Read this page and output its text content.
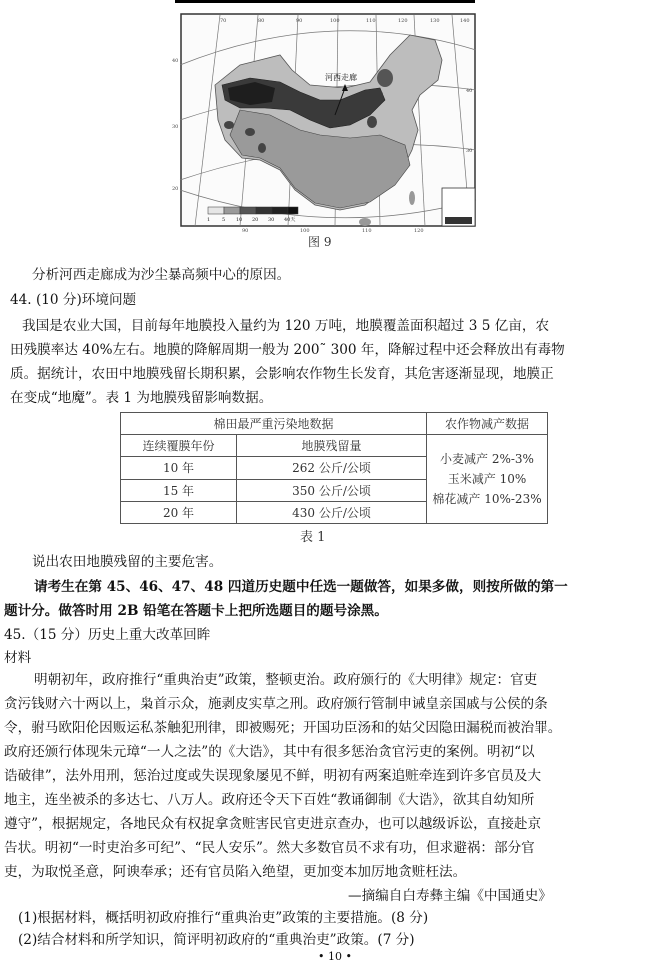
河西走廊
1 5 10 20 30 40天
70	80	90	100	110	120	130	140
40
30
20
40
30
90	100	110	120
图 9
分析河西走廊成为沙尘暴高频中心的原因。
44. (10 分)环境问题
我国是农业大国，目前每年地膜投入量约为 120 万吨，地膜覆盖面积超过 3 5 亿亩，农
田残膜率达 40%左右。地膜的降解周期一般为 200˜ 300 年，降解过程中还会释放出有毒物
质。据统计，农田中地膜残留长期积累，会影响农作物生长发育，其危害逐渐显现，地膜正
在变成“地魔”。表 1 为地膜残留影响数据。
棉田最严重污染地数据		农作物减产数据
连续覆膜年份	地膜残留量	小麦减产 2%-3%
玉米减产 10%
棉花减产 10%-23%

10 年	262 公斤/公顷	
15 年	350 公斤/公顷	
20 年	430 公斤/公顷	
表 1
说出农田地膜残留的主要危害。
请考生在第 45、46、47、48 四道历史题中任选一题做答，如果多做，则按所做的第一
题计分。做答时用 2B 铅笔在答题卡上把所选题目的题号涂黑。
45.（15 分）历史上重大改革回眸
材料
明朝初年，政府推行“重典治吏”政策，整顿吏治。政府颁行的《大明律》规定：官吏
贪污钱财六十两以上，枭首示众，施剥皮实草之刑。政府颁行管制申诫皇亲国戚与公侯的条
令，驸马欧阳伦因贩运私茶触犯刑律，即被赐死；开国功臣汤和的姑父因隐田漏税而被治罪。
政府还颁行体现朱元璋“一人之法”的《大诰》，其中有很多惩治贪官污吏的案例。明初“以
诰破律”，法外用刑，惩治过度或失误现象屡见不鲜，明初有两案追赃牵连到许多官员及大
地主，连坐被杀的多达七、八万人。政府还令天下百姓“教诵御制《大诰》，欲其自幼知所
遵守”，根据规定，各地民众有权捉拿贪赃害民官吏进京查办，也可以越级诉讼，直接赴京
告状。明初“一时吏治多可纪”、“民人安乐”。然大多数官员不求有功，但求避祸：部分官
吏，为取悦圣意，阿谀奉承；还有官员陷入绝望，更加变本加厉地贪赃枉法。
—摘编自白寿彝主编《中国通史》
(1)根据材料，概括明初政府推行“重典治吏”政策的主要措施。(8 分)
(2)结合材料和所学知识，简评明初政府的“重典治吏”政策。(7 分)
• 10 •
